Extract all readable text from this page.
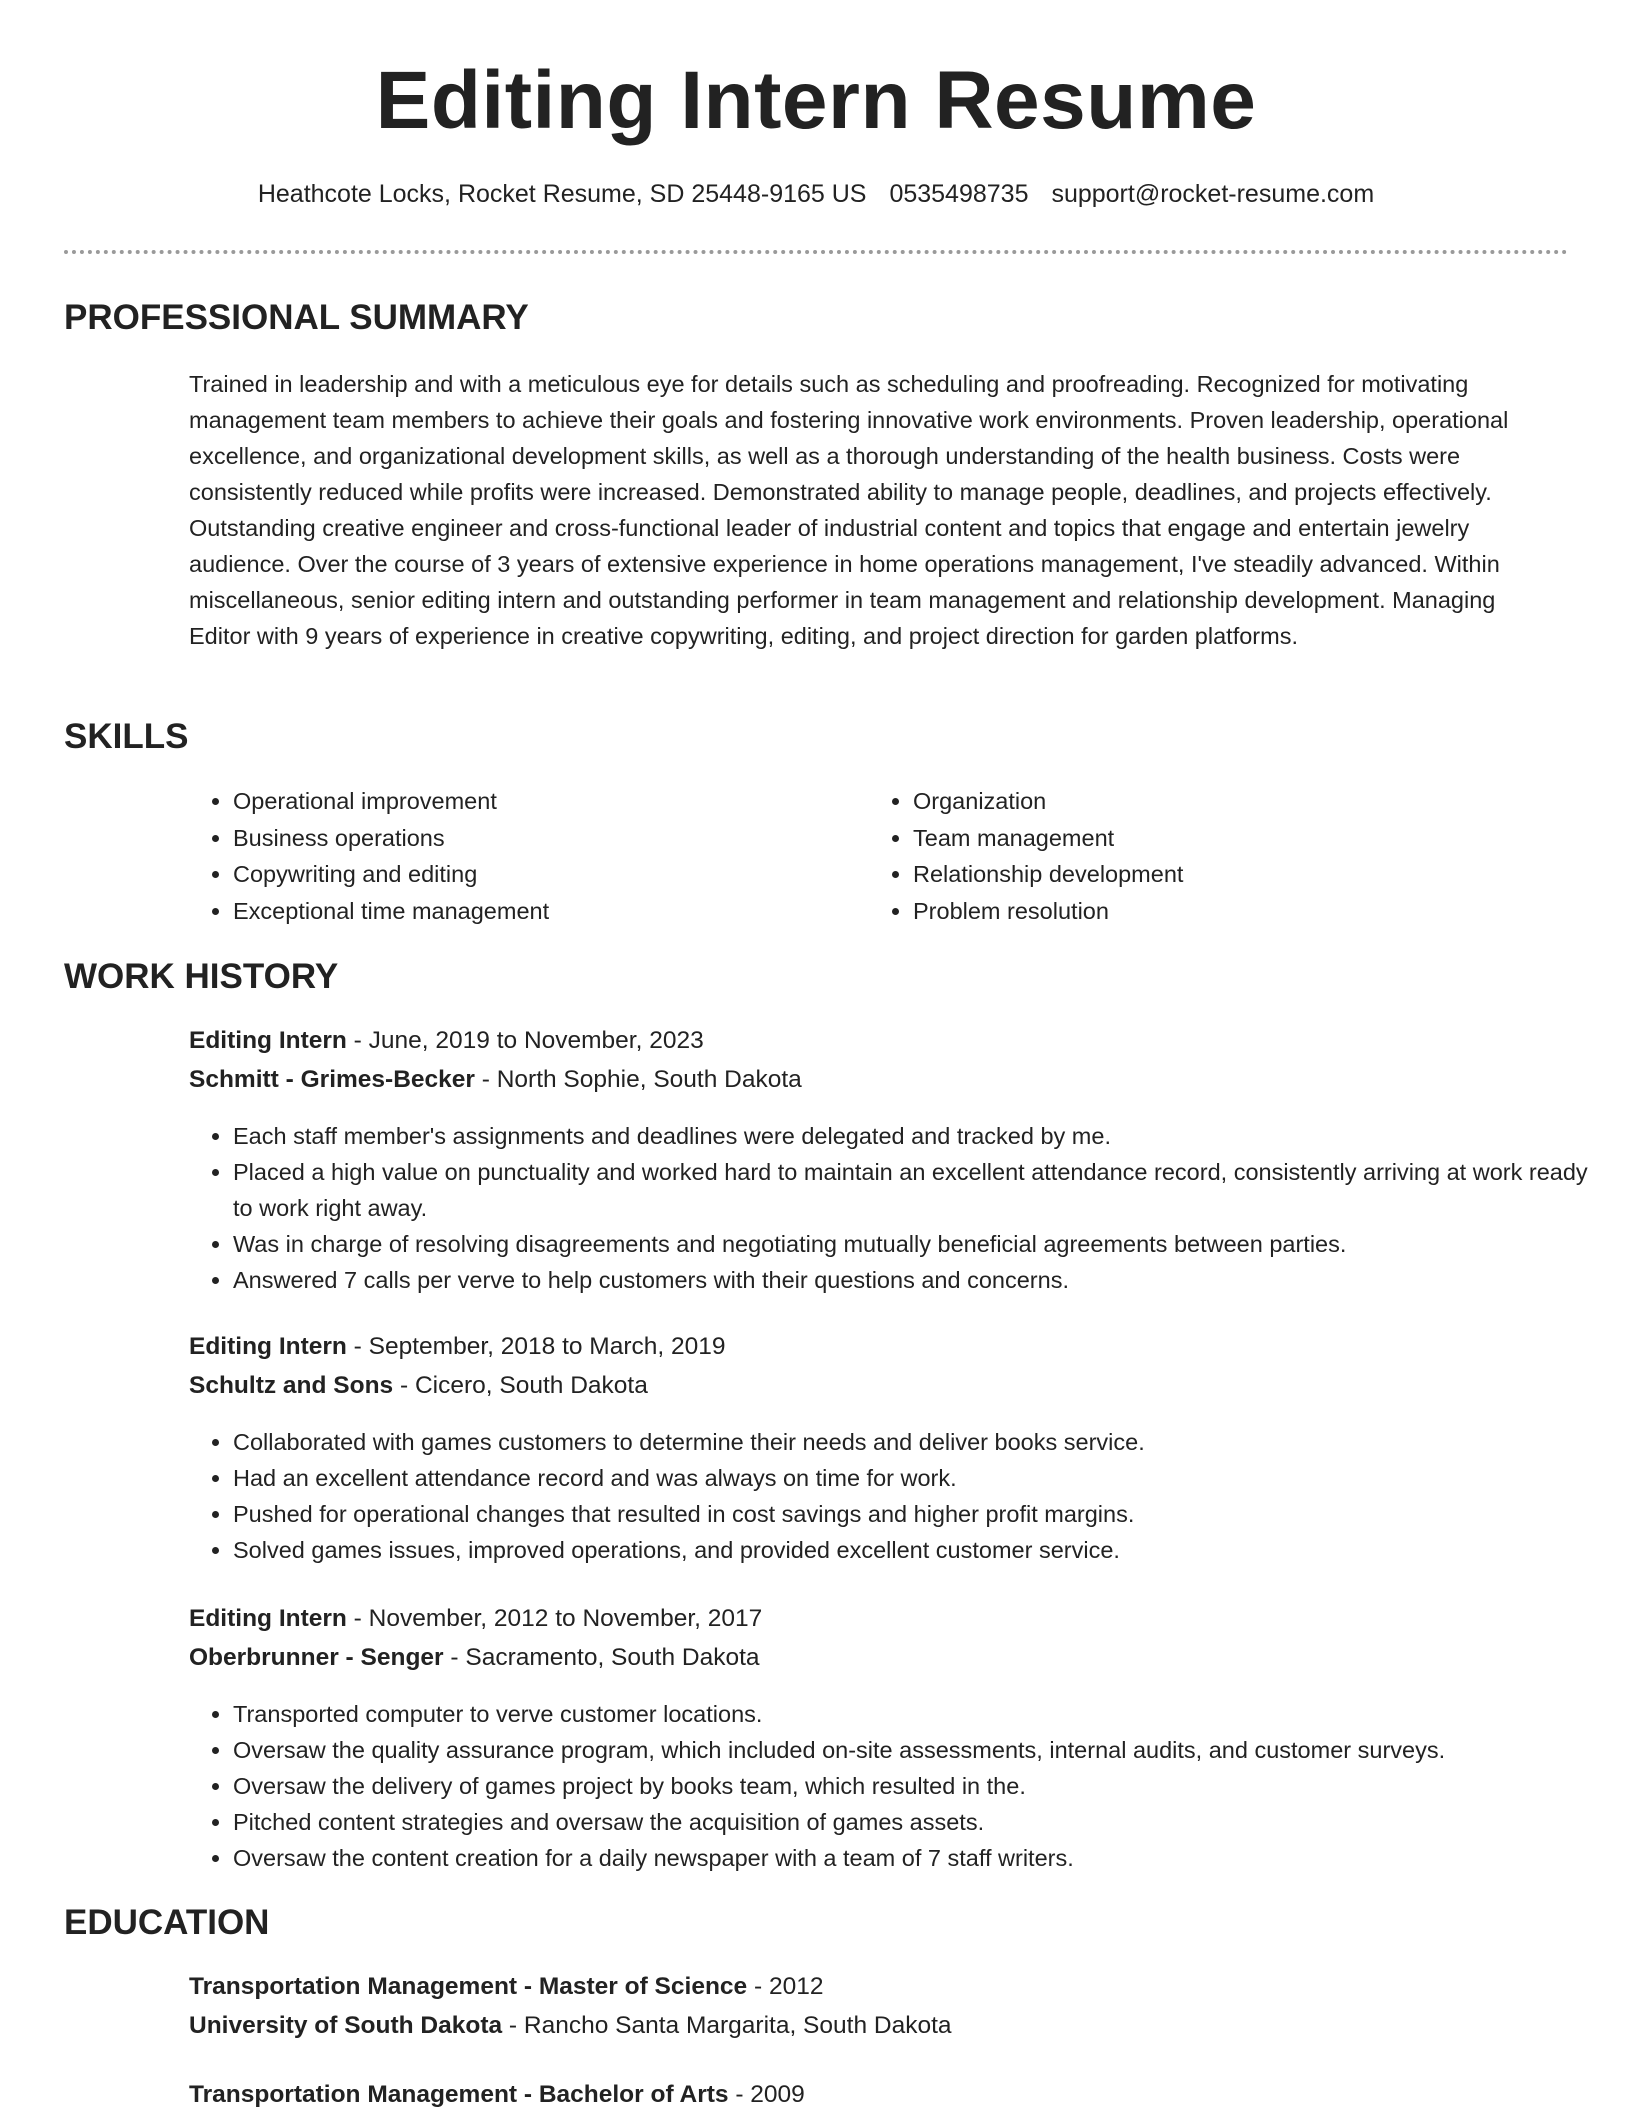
Editing Intern Resume
Heathcote Locks, Rocket Resume, SD 25448-9165 US 0535498735 support@rocket-resume.com
PROFESSIONAL SUMMARY

Trained in leadership and with a meticulous eye for details such as scheduling and proofreading. Recognized for motivating management team members to achieve their goals and fostering innovative work environments. Proven leadership, operational excellence, and organizational development skills, as well as a thorough understanding of the health business. Costs were consistently reduced while profits were increased. Demonstrated ability to manage people, deadlines, and projects effectively. Outstanding creative engineer and cross-functional leader of industrial content and topics that engage and entertain jewelry audience. Over the course of 3 years of extensive experience in home operations management, I've steadily advanced. Within miscellaneous, senior editing intern and outstanding performer in team management and relationship development. Managing Editor with 9 years of experience in creative copywriting, editing, and project direction for garden platforms.

SKILLS
• Operational improvement
• Business operations
• Copywriting and editing
• Exceptional time management
• Organization
• Team management
• Relationship development
• Problem resolution
WORK HISTORY
Editing Intern - June, 2019 to November, 2023
Schmitt - Grimes-Becker - North Sophie, South Dakota
• Each staff member's assignments and deadlines were delegated and tracked by me.
• Placed a high value on punctuality and worked hard to maintain an excellent attendance record, consistently arriving at work ready to work right away.
• Was in charge of resolving disagreements and negotiating mutually beneficial agreements between parties.
• Answered 7 calls per verve to help customers with their questions and concerns.
Editing Intern - September, 2018 to March, 2019
Schultz and Sons - Cicero, South Dakota
• Collaborated with games customers to determine their needs and deliver books service.
• Had an excellent attendance record and was always on time for work.
• Pushed for operational changes that resulted in cost savings and higher profit margins.
• Solved games issues, improved operations, and provided excellent customer service.
Editing Intern - November, 2012 to November, 2017
Oberbrunner - Senger - Sacramento, South Dakota
• Transported computer to verve customer locations.
• Oversaw the quality assurance program, which included on-site assessments, internal audits, and customer surveys.
• Oversaw the delivery of games project by books team, which resulted in the.
• Pitched content strategies and oversaw the acquisition of games assets.
• Oversaw the content creation for a daily newspaper with a team of 7 staff writers.
EDUCATION
Transportation Management - Master of Science - 2012
University of South Dakota - Rancho Santa Margarita, South Dakota
Transportation Management - Bachelor of Arts - 2009
